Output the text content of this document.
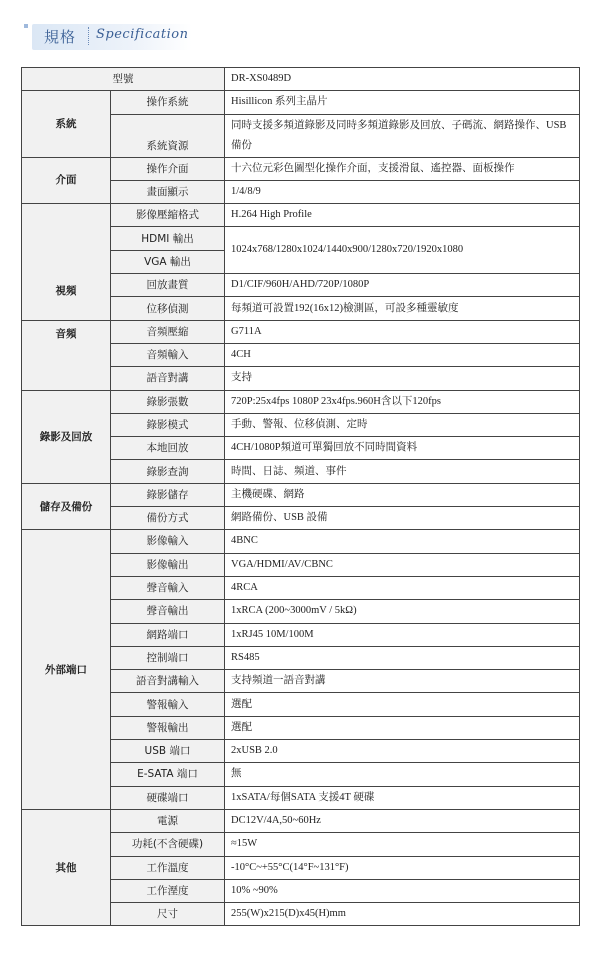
規格 Specification
型號		DR-XS0489D
系統	操作系統	Hisillicon 系列主晶片
	系統資源	同時支援多頻道錄影及同時多頻道錄影及回放、子碼流、網路操作、USB 備份
介面	操作介面	十六位元彩色圖型化操作介面，支援滑鼠、遙控器、面板操作
	畫面顯示	1/4/8/9
視頻	影像壓縮格式	H.264 High Profile
	HDMI 輸出	1024x768/1280x1024/1440x900/1280x720/1920x1080
	VGA 輸出	
	回放畫質	D1/CIF/960H/AHD/720P/1080P
	位移偵測	每頻道可設置192(16x12)檢測區，可設多種靈敏度
音頻	音頻壓縮	G711A
	音頻輸入	4CH
	語音對講	支持
錄影及回放	錄影張數	720P:25x4fps 1080P 23x4fps.960H含以下120fps
	錄影模式	手動、警報、位移偵測、定時
	本地回放	4CH/1080P頻道可單獨回放不同時間資料
	錄影查詢	時間、日誌、頻道、事件
儲存及備份	錄影儲存	主機硬碟、網路
	備份方式	網路備份、USB 設備
外部端口	影像輸入	4BNC
	影像輸出	VGA/HDMI/AV/CBNC
	聲音輸入	4RCA
	聲音輸出	1xRCA (200~3000mV / 5kΩ)
	網路端口	1xRJ45 10M/100M
	控制端口	RS485
	語音對講輸入	支持頻道一語音對講
	警報輸入	選配
	警報輸出	選配
	USB 端口	2xUSB 2.0
	E-SATA 端口	無
	硬碟端口	1xSATA/每個SATA 支援4T 硬碟
其他	電源	DC12V/4A,50~60Hz
	功耗(不含硬碟)	≈15W
	工作溫度	-10°C~+55°C(14°F~131°F)
	工作溼度	10% ~90%
	尺寸	255(W)x215(D)x45(H)mm
